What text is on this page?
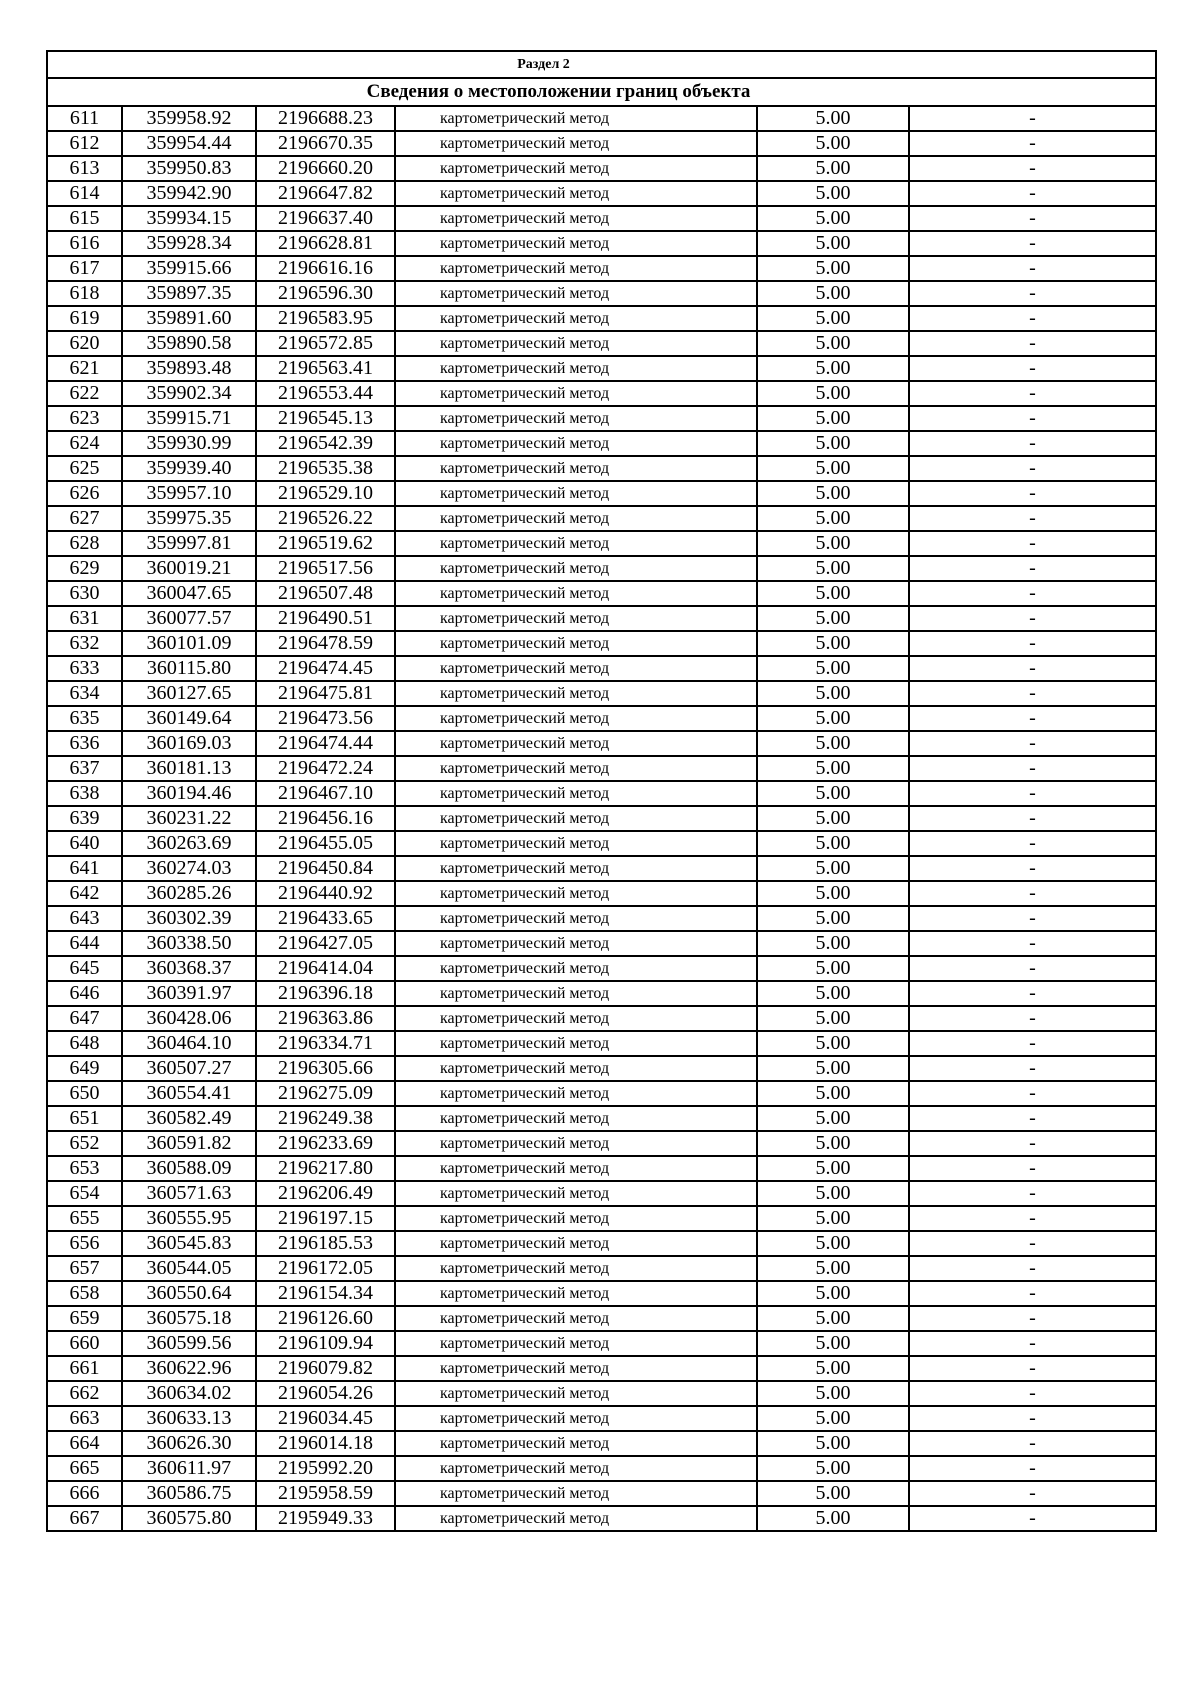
Раздел 2					
Сведения о местоположении границ объекта					
611	359958.92	2196688.23	картометрический метод	5.00	-
612	359954.44	2196670.35	картометрический метод	5.00	-
613	359950.83	2196660.20	картометрический метод	5.00	-
614	359942.90	2196647.82	картометрический метод	5.00	-
615	359934.15	2196637.40	картометрический метод	5.00	-
616	359928.34	2196628.81	картометрический метод	5.00	-
617	359915.66	2196616.16	картометрический метод	5.00	-
618	359897.35	2196596.30	картометрический метод	5.00	-
619	359891.60	2196583.95	картометрический метод	5.00	-
620	359890.58	2196572.85	картометрический метод	5.00	-
621	359893.48	2196563.41	картометрический метод	5.00	-
622	359902.34	2196553.44	картометрический метод	5.00	-
623	359915.71	2196545.13	картометрический метод	5.00	-
624	359930.99	2196542.39	картометрический метод	5.00	-
625	359939.40	2196535.38	картометрический метод	5.00	-
626	359957.10	2196529.10	картометрический метод	5.00	-
627	359975.35	2196526.22	картометрический метод	5.00	-
628	359997.81	2196519.62	картометрический метод	5.00	-
629	360019.21	2196517.56	картометрический метод	5.00	-
630	360047.65	2196507.48	картометрический метод	5.00	-
631	360077.57	2196490.51	картометрический метод	5.00	-
632	360101.09	2196478.59	картометрический метод	5.00	-
633	360115.80	2196474.45	картометрический метод	5.00	-
634	360127.65	2196475.81	картометрический метод	5.00	-
635	360149.64	2196473.56	картометрический метод	5.00	-
636	360169.03	2196474.44	картометрический метод	5.00	-
637	360181.13	2196472.24	картометрический метод	5.00	-
638	360194.46	2196467.10	картометрический метод	5.00	-
639	360231.22	2196456.16	картометрический метод	5.00	-
640	360263.69	2196455.05	картометрический метод	5.00	-
641	360274.03	2196450.84	картометрический метод	5.00	-
642	360285.26	2196440.92	картометрический метод	5.00	-
643	360302.39	2196433.65	картометрический метод	5.00	-
644	360338.50	2196427.05	картометрический метод	5.00	-
645	360368.37	2196414.04	картометрический метод	5.00	-
646	360391.97	2196396.18	картометрический метод	5.00	-
647	360428.06	2196363.86	картометрический метод	5.00	-
648	360464.10	2196334.71	картометрический метод	5.00	-
649	360507.27	2196305.66	картометрический метод	5.00	-
650	360554.41	2196275.09	картометрический метод	5.00	-
651	360582.49	2196249.38	картометрический метод	5.00	-
652	360591.82	2196233.69	картометрический метод	5.00	-
653	360588.09	2196217.80	картометрический метод	5.00	-
654	360571.63	2196206.49	картометрический метод	5.00	-
655	360555.95	2196197.15	картометрический метод	5.00	-
656	360545.83	2196185.53	картометрический метод	5.00	-
657	360544.05	2196172.05	картометрический метод	5.00	-
658	360550.64	2196154.34	картометрический метод	5.00	-
659	360575.18	2196126.60	картометрический метод	5.00	-
660	360599.56	2196109.94	картометрический метод	5.00	-
661	360622.96	2196079.82	картометрический метод	5.00	-
662	360634.02	2196054.26	картометрический метод	5.00	-
663	360633.13	2196034.45	картометрический метод	5.00	-
664	360626.30	2196014.18	картометрический метод	5.00	-
665	360611.97	2195992.20	картометрический метод	5.00	-
666	360586.75	2195958.59	картометрический метод	5.00	-
667	360575.80	2195949.33	картометрический метод	5.00	-
